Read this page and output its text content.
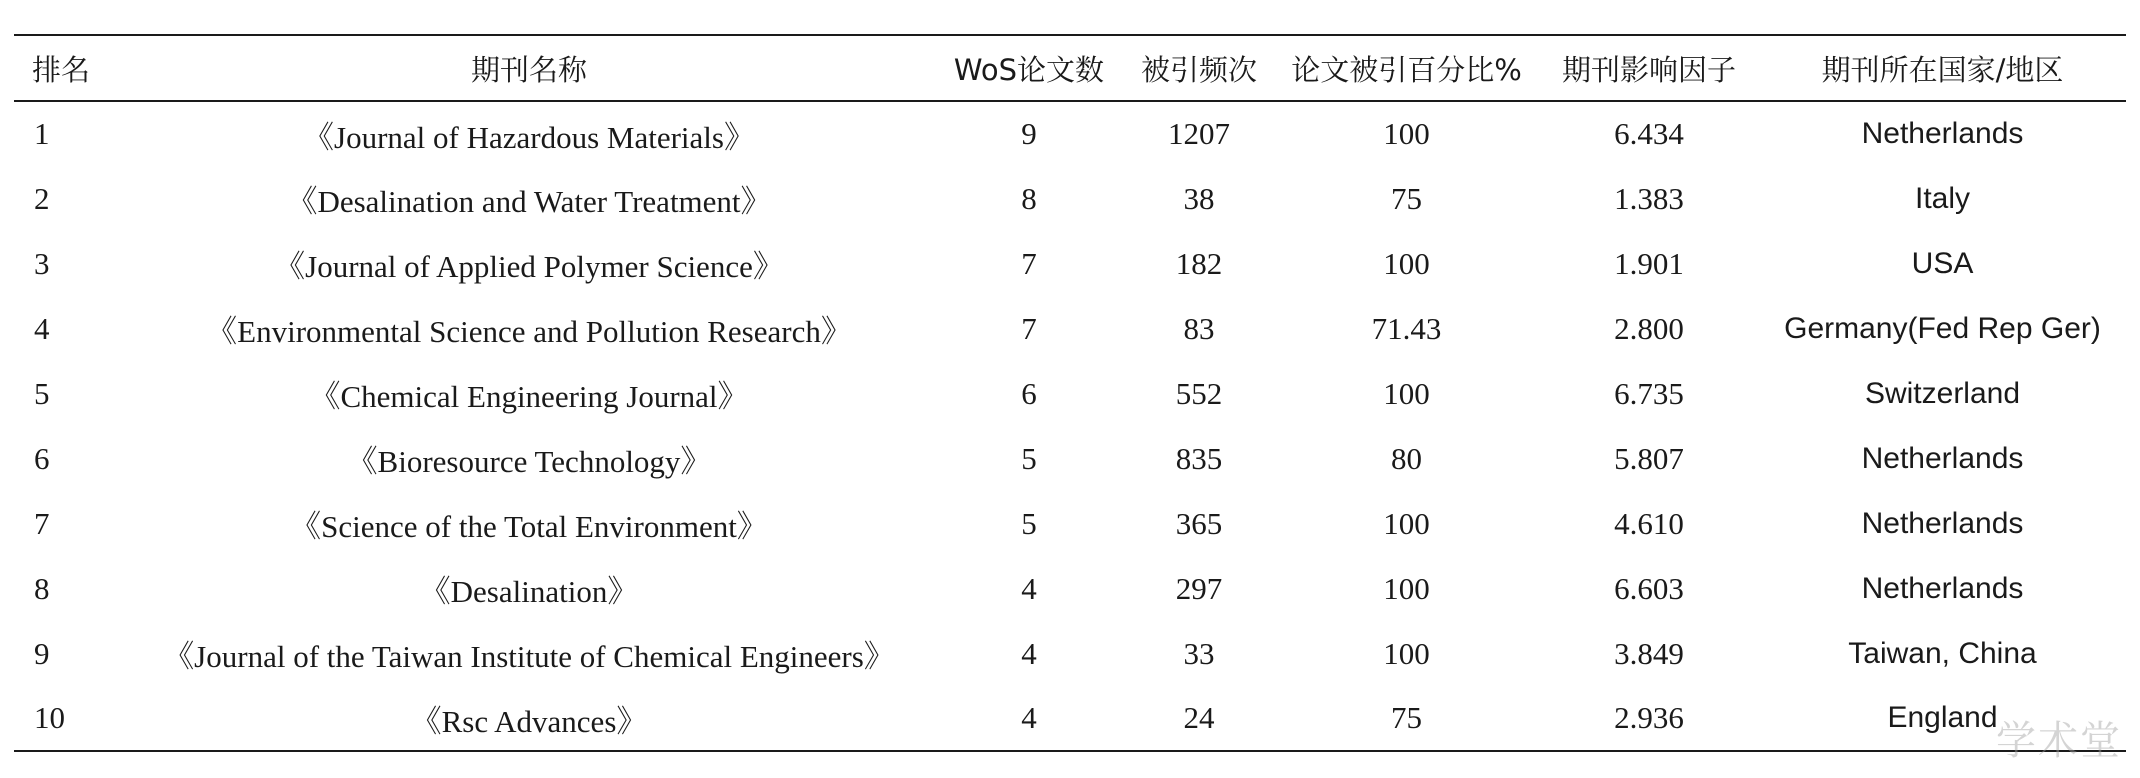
排名	期刊名称	WoS论文数	被引频次	论文被引百分比%	期刊影响因子	期刊所在国家/地区
1	《Journal of Hazardous Materials》	9	1207	100	6.434	Netherlands
2	《Desalination and Water Treatment》	8	38	75	1.383	Italy
3	《Journal of Applied Polymer Science》	7	182	100	1.901	USA
4	《Environmental Science and Pollution Research》	7	83	71.43	2.800	Germany(Fed Rep Ger)
5	《Chemical Engineering Journal》	6	552	100	6.735	Switzerland
6	《Bioresource Technology》	5	835	80	5.807	Netherlands
7	《Science of the Total Environment》	5	365	100	4.610	Netherlands
8	《Desalination》	4	297	100	6.603	Netherlands
9	《Journal of the Taiwan Institute of Chemical Engineers》	4	33	100	3.849	Taiwan, China
10	《Rsc Advances》	4	24	75	2.936	England
学术堂
